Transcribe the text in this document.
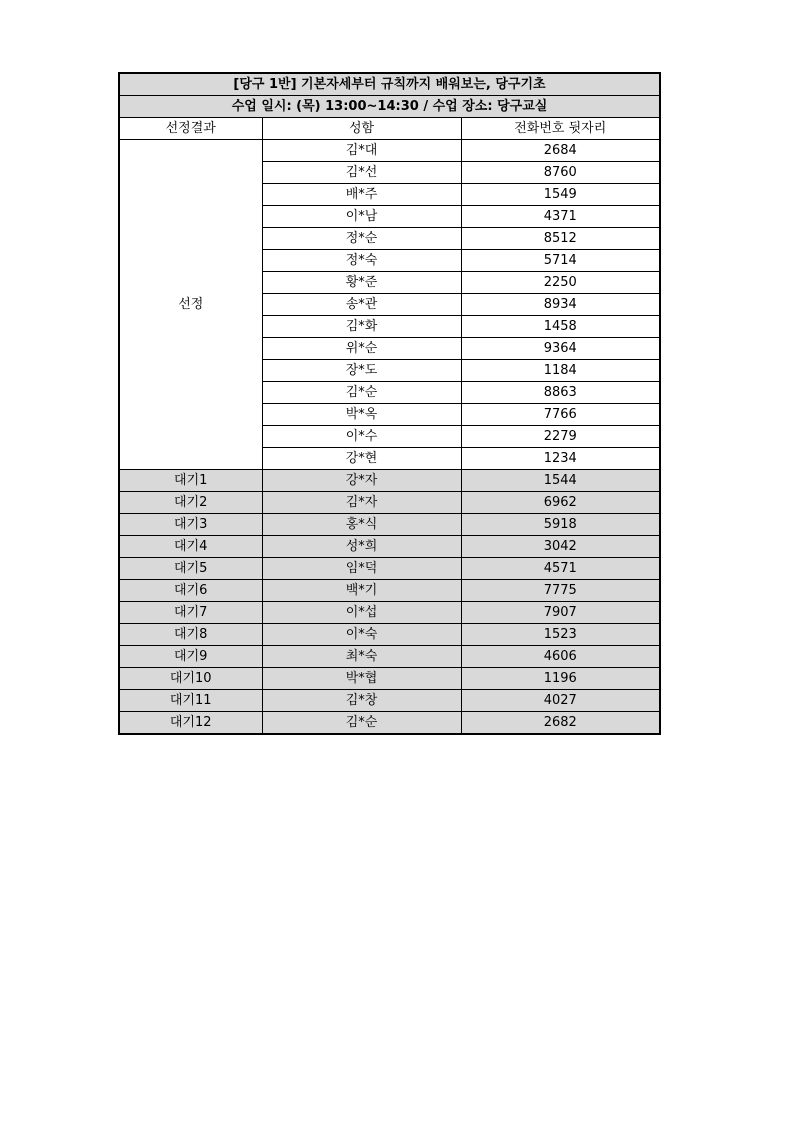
[당구 1반] 기본자세부터 규칙까지 배워보는, 당구기초		
수업 일시: (목) 13:00~14:30 / 수업 장소: 당구교실		
선정결과	성함	전화번호 뒷자리
선정	김*대	2684
	김*선	8760
	배*주	1549
	이*남	4371
	정*순	8512
	정*숙	5714
	황*준	2250
	송*관	8934
	김*화	1458
	위*순	9364
	장*도	1184
	김*순	8863
	박*옥	7766
	이*수	2279
	강*현	1234
대기1	강*자	1544
대기2	김*자	6962
대기3	홍*식	5918
대기4	성*희	3042
대기5	임*덕	4571
대기6	백*기	7775
대기7	이*섭	7907
대기8	이*숙	1523
대기9	최*숙	4606
대기10	박*협	1196
대기11	김*창	4027
대기12	김*순	2682
